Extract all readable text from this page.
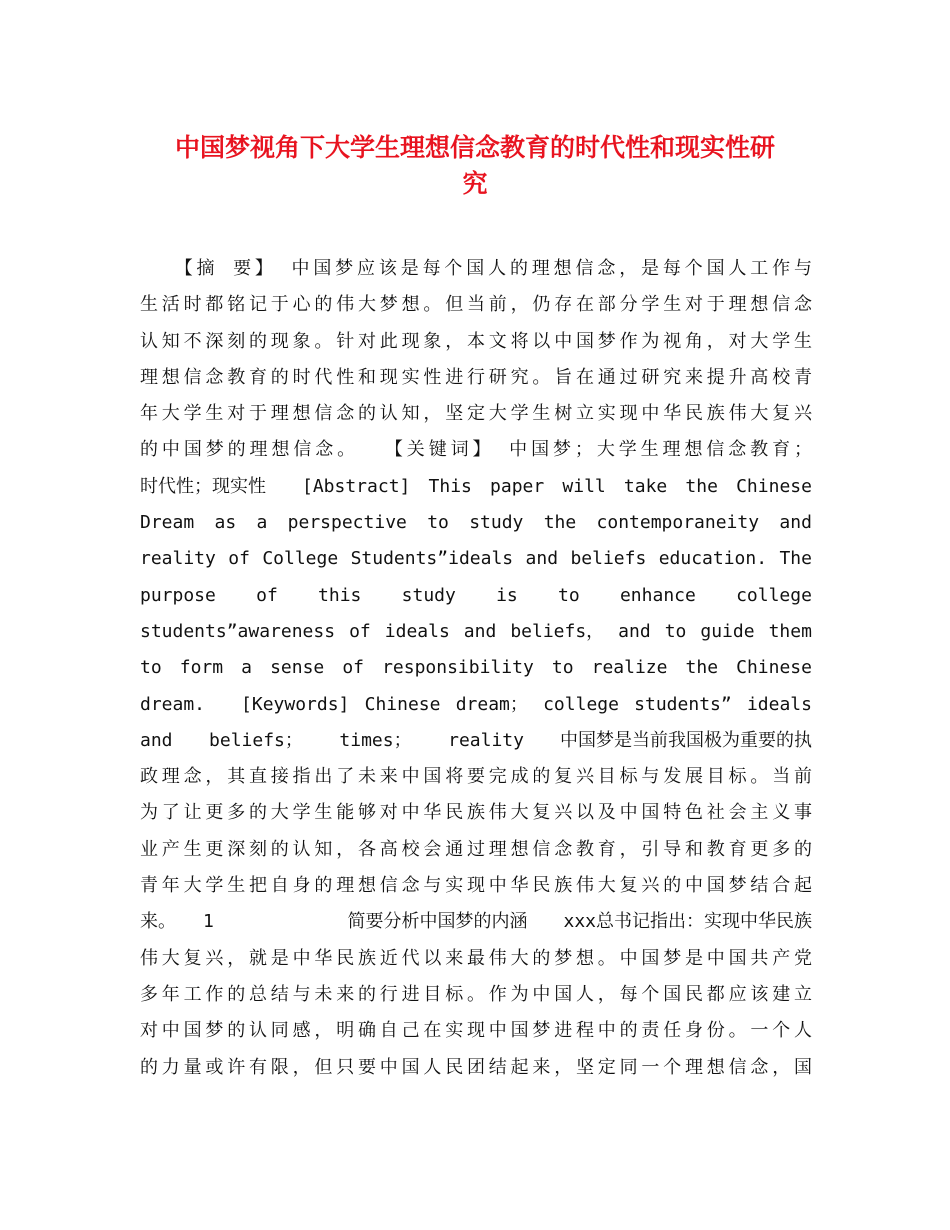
中国梦视角下大学生理想信念教育的时代性和现实性研
究
　　【摘 要】 中国梦应该是每个国人的理想信念，是每个国人工作与
生活时都铭记于心的伟大梦想。但当前，仍存在部分学生对于理想信念
认知不深刻的现象。针对此现象，本文将以中国梦作为视角，对大学生
理想信念教育的时代性和现实性进行研究。旨在通过研究来提升高校青
年大学生对于理想信念的认知，坚定大学生树立实现中华民族伟大复兴
的中国梦的理想信念。　　【关键词】 中国梦；大学生理想信念教育；
时代性；现实性　　[Abstract] This paper will take the Chinese
Dream as a perspective to study the contemporaneity and
reality of College Students”ideals and beliefs education. The
purpose of this study is to enhance college
students”awareness of ideals and beliefs， and to guide them
to form a sense of responsibility to realize the Chinese
dream.　　[Keywords] Chinese dream； college students” ideals
and beliefs； times； reality　　中国梦是当前我国极为重要的执
政理念，其直接指出了未来中国将要完成的复兴目标与发展目标。当前
为了让更多的大学生能够对中华民族伟大复兴以及中国特色社会主义事
业产生更深刻的认知，各高校会通过理想信念教育，引导和教育更多的
青年大学生把自身的理想信念与实现中华民族伟大复兴的中国梦结合起
来。　　1	简要分析中国梦的内涵　　xxx总书记指出：实现中华民族
伟大复兴，就是中华民族近代以来最伟大的梦想。中国梦是中国共产党
多年工作的总结与未来的行进目标。作为中国人，每个国民都应该建立
对中国梦的认同感，明确自己在实现中国梦进程中的责任身份。一个人
的力量或许有限，但只要中国人民团结起来，坚定同一个理想信念，国
